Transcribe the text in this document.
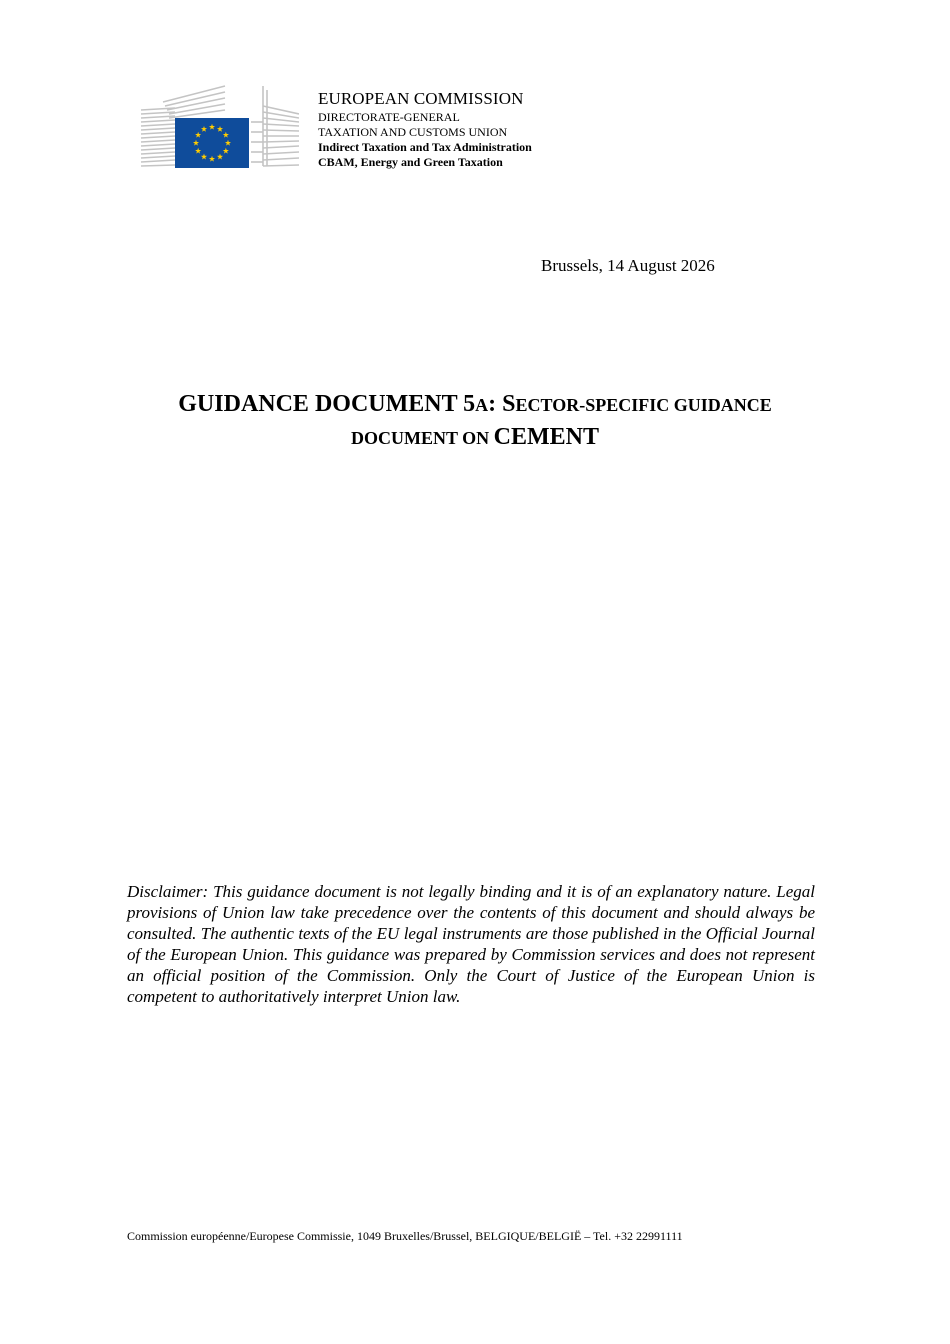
EUROPEAN COMMISSION
DIRECTORATE-GENERAL
TAXATION AND CUSTOMS UNION
Indirect Taxation and Tax Administration
CBAM, Energy and Green Taxation
Brussels, 14 August 2026
GUIDANCE DOCUMENT 5A: SECTOR-SPECIFIC GUIDANCE
DOCUMENT ON CEMENT
Disclaimer: This guidance document is not legally binding and it is of an explanatory nature. Legal provisions of Union law take precedence over the contents of this document and should always be consulted. The authentic texts of the EU legal instruments are those published in the Official Journal of the European Union. This guidance was prepared by Commission services and does not represent an official position of the Commission. Only the Court of Justice of the European Union is competent to authoritatively interpret Union law.
Commission européenne/Europese Commissie, 1049 Bruxelles/Brussel, BELGIQUE/BELGIË – Tel. +32 22991111
